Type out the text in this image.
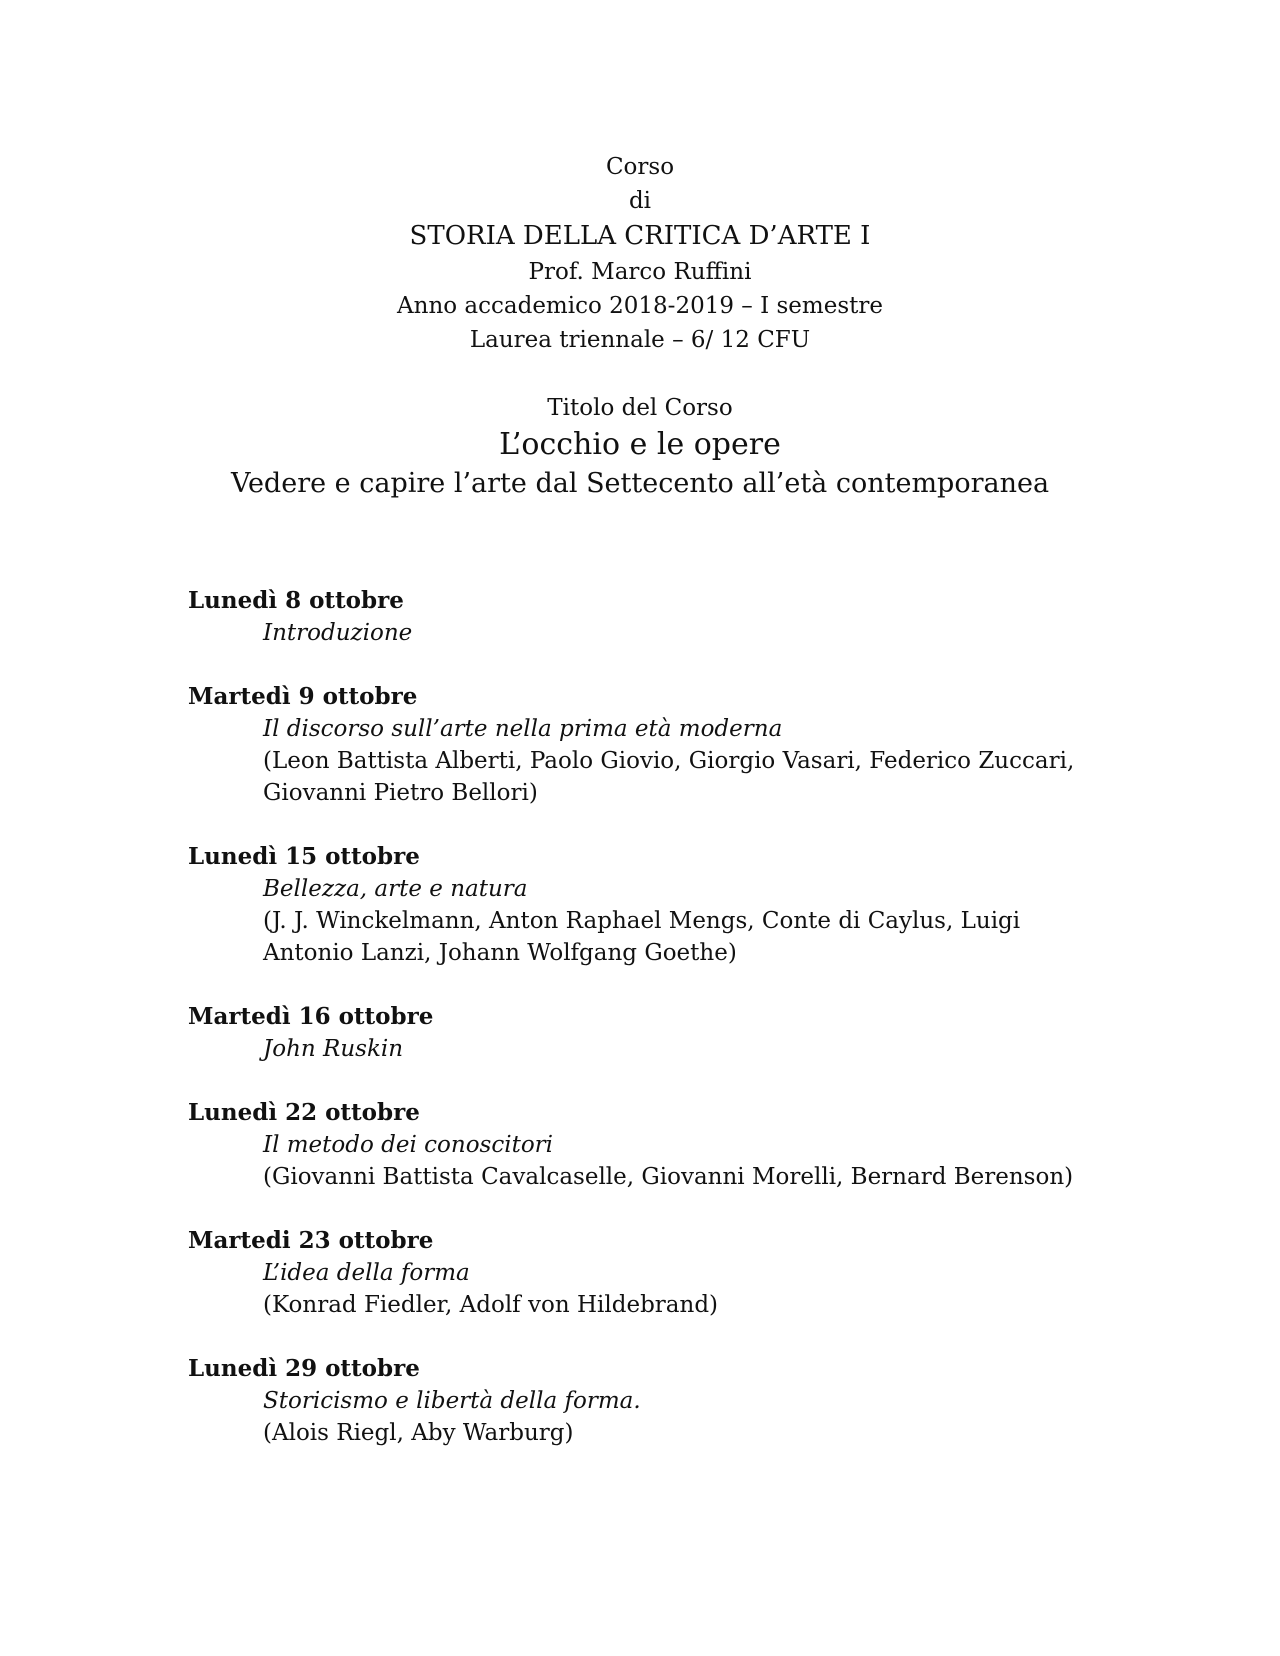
Corso
di
STORIA DELLA CRITICA D’ARTE I
Prof. Marco Ruffini
Anno accademico 2018-2019 – I semestre
Laurea triennale – 6/ 12 CFU
Titolo del Corso
L’occhio e le opere
Vedere e capire l’arte dal Settecento all’età contemporanea
Lunedì 8 ottobre
Introduzione
Martedì 9 ottobre
Il discorso sull’arte nella prima età moderna
(Leon Battista Alberti, Paolo Giovio, Giorgio Vasari, Federico Zuccari,
Giovanni Pietro Bellori)
Lunedì 15 ottobre
Bellezza, arte e natura
(J. J. Winckelmann, Anton Raphael Mengs, Conte di Caylus, Luigi
Antonio Lanzi, Johann Wolfgang Goethe)
Martedì 16 ottobre
John Ruskin
Lunedì 22 ottobre
Il metodo dei conoscitori
(Giovanni Battista Cavalcaselle, Giovanni Morelli, Bernard Berenson)
Martedi 23 ottobre
L’idea della forma
(Konrad Fiedler, Adolf von Hildebrand)
Lunedì 29 ottobre
Storicismo e libertà della forma.
(Alois Riegl, Aby Warburg)
